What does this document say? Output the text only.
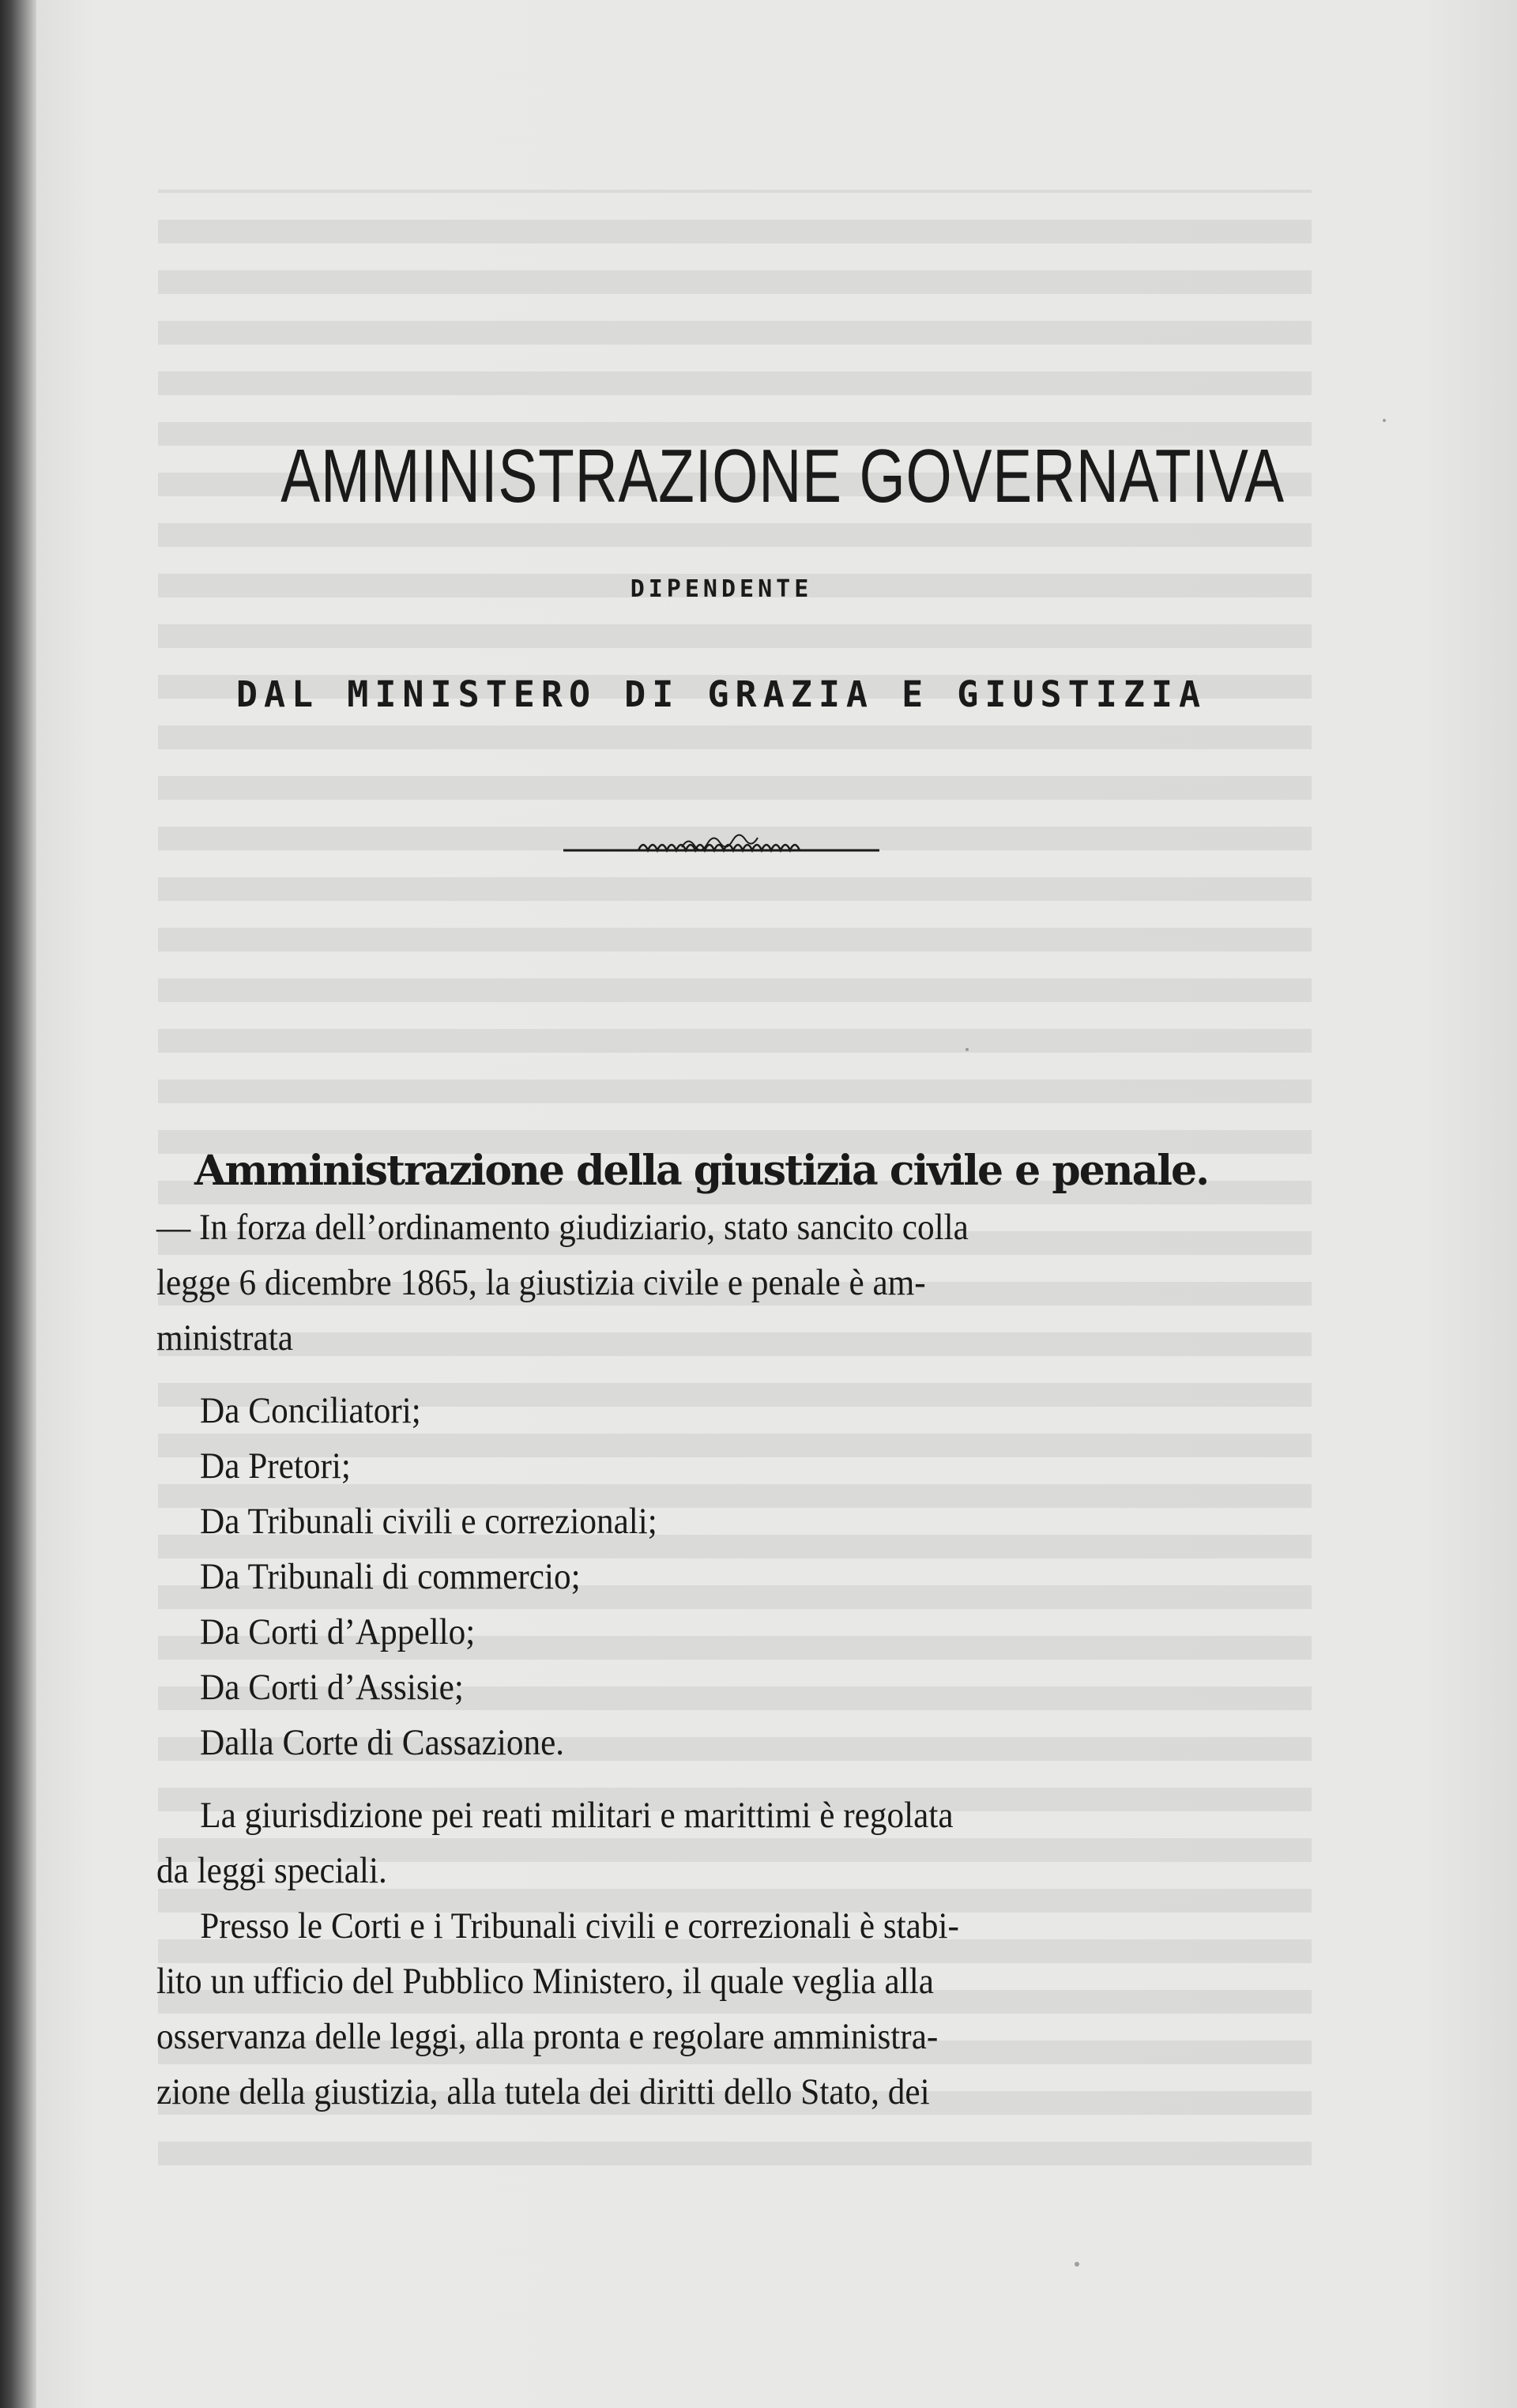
AMMINISTRAZIONE GOVERNATIVA
DIPENDENTE
DAL MINISTERO DI GRAZIA E GIUSTIZIA
Amministrazione della giustizia civile e penale.
— In forza dell’ordinamento giudiziario, stato sancito colla
legge 6 dicembre 1865, la giustizia civile e penale è am-
ministrata
Da Conciliatori;
Da Pretori;
Da Tribunali civili e correzionali;
Da Tribunali di commercio;
Da Corti d’Appello;
Da Corti d’Assisie;
Dalla Corte di Cassazione.
La giurisdizione pei reati militari e marittimi è regolata
da leggi speciali.
Presso le Corti e i Tribunali civili e correzionali è stabi-
lito un ufficio del Pubblico Ministero, il quale veglia alla
osservanza delle leggi, alla pronta e regolare amministra-
zione della giustizia, alla tutela dei diritti dello Stato, dei
